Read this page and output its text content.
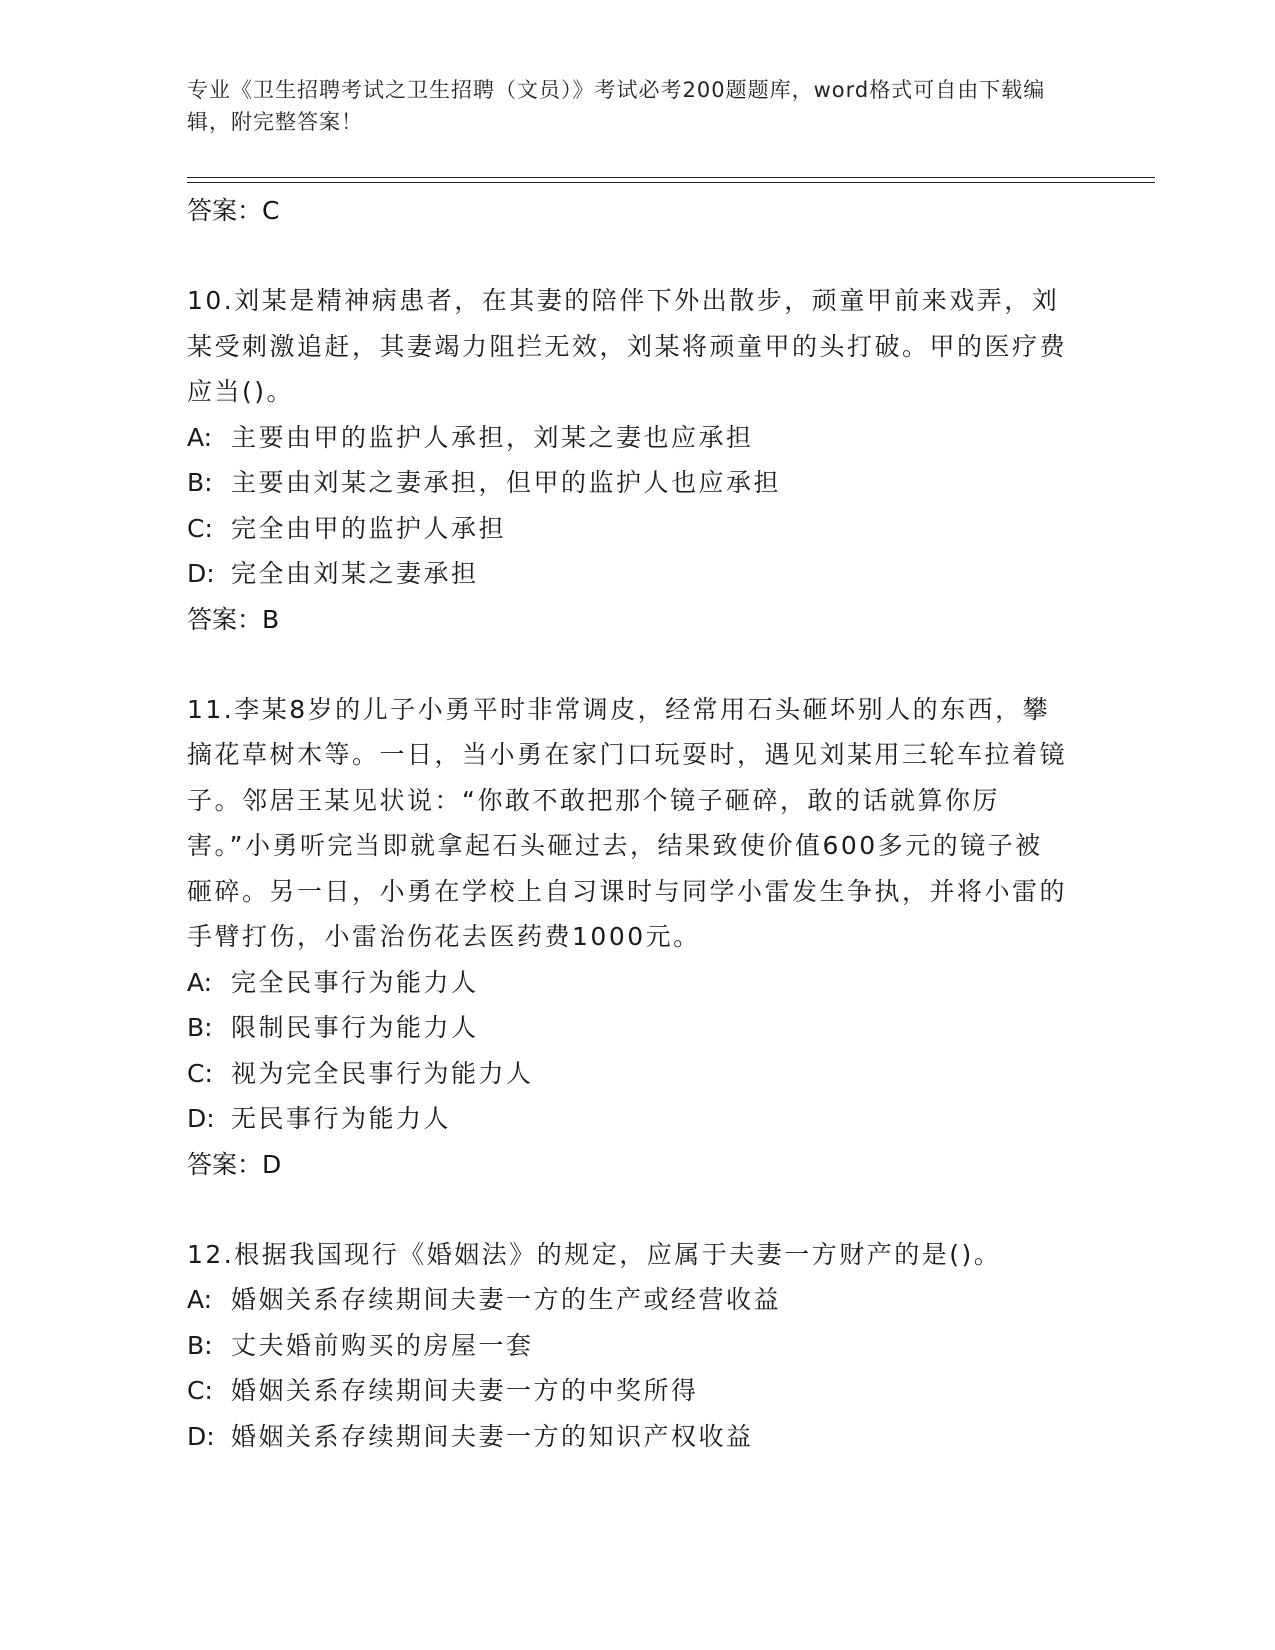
专业《卫生招聘考试之卫生招聘（文员）》考试必考200题题库，word格式可自由下载编辑，附完整答案！

答案：C

10.刘某是精神病患者，在其妻的陪伴下外出散步，顽童甲前来戏弄，刘某受刺激追赶，其妻竭力阻拦无效，刘某将顽童甲的头打破。甲的医疗费应当()。

A: 主要由甲的监护人承担，刘某之妻也应承担
B: 主要由刘某之妻承担，但甲的监护人也应承担
C: 完全由甲的监护人承担
D: 完全由刘某之妻承担

答案：B

11.李某8岁的儿子小勇平时非常调皮，经常用石头砸坏别人的东西，攀摘花草树木等。一日，当小勇在家门口玩耍时，遇见刘某用三轮车拉着镜子。邻居王某见状说：“你敢不敢把那个镜子砸碎，敢的话就算你厉害。”小勇听完当即就拿起石头砸过去，结果致使价值600多元的镜子被砸碎。另一日，小勇在学校上自习课时与同学小雷发生争执，并将小雷的手臂打伤，小雷治伤花去医药费1000元。

A: 完全民事行为能力人
B: 限制民事行为能力人
C: 视为完全民事行为能力人
D: 无民事行为能力人

答案：D

12.根据我国现行《婚姻法》的规定，应属于夫妻一方财产的是()。

A: 婚姻关系存续期间夫妻一方的生产或经营收益
B: 丈夫婚前购买的房屋一套
C: 婚姻关系存续期间夫妻一方的中奖所得
D: 婚姻关系存续期间夫妻一方的知识产权收益
